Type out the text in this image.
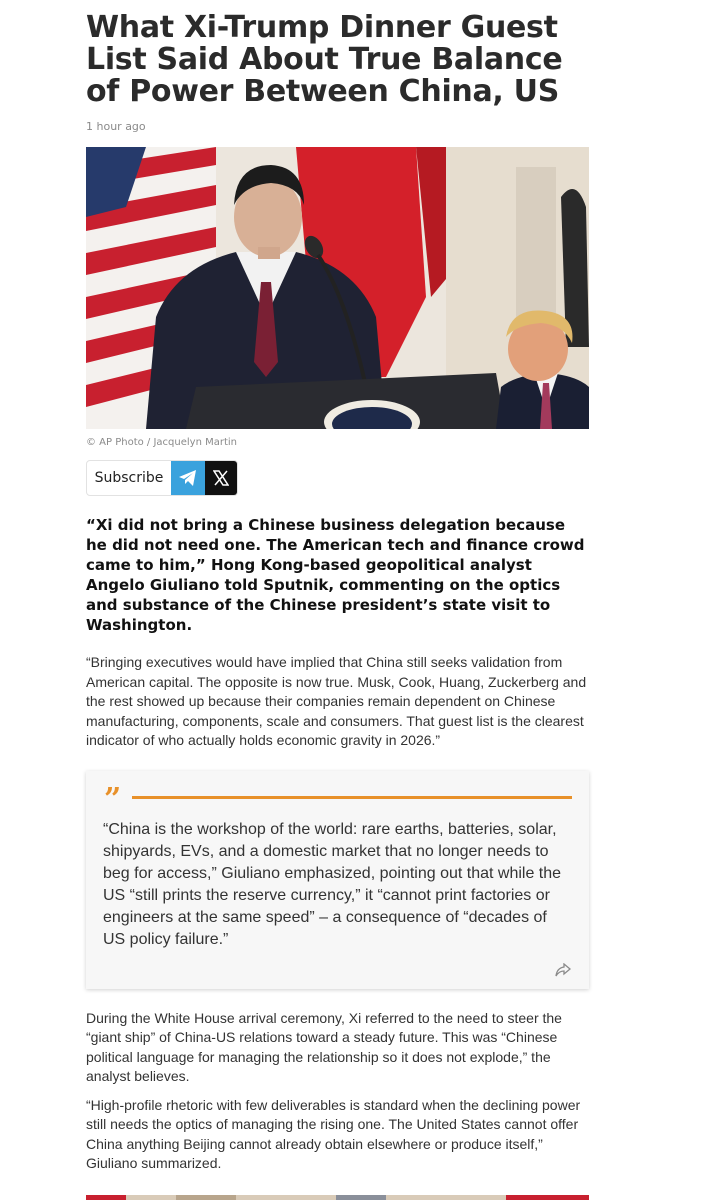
What Xi-Trump Dinner Guest List Said About True Balance of Power Between China, US
1 hour ago
© AP Photo / Jacquelyn Martin
Subscribe
“Xi did not bring a Chinese business delegation because he did not need one. The American tech and finance crowd came to him,” Hong Kong-based geopolitical analyst Angelo Giuliano told Sputnik, commenting on the optics and substance of the Chinese president’s state visit to Washington.
“Bringing executives would have implied that China still seeks validation from American capital. The opposite is now true. Musk, Cook, Huang, Zuckerberg and the rest showed up because their companies remain dependent on Chinese manufacturing, components, scale and consumers. That guest list is the clearest indicator of who actually holds economic gravity in 2026.”
”
“China is the workshop of the world: rare earths, batteries, solar, shipyards, EVs, and a domestic market that no longer needs to beg for access,” Giuliano emphasized, pointing out that while the US “still prints the reserve currency,” it “cannot print factories or engineers at the same speed” – a consequence of “decades of US policy failure.”
During the White House arrival ceremony, Xi referred to the need to steer the “giant ship” of China-US relations toward a steady future. This was “Chinese political language for managing the relationship so it does not explode,” the analyst believes.
“High-profile rhetoric with few deliverables is standard when the declining power still needs the optics of managing the rising one. The United States cannot offer China anything Beijing cannot already obtain elsewhere or produce itself,” Giuliano summarized.
